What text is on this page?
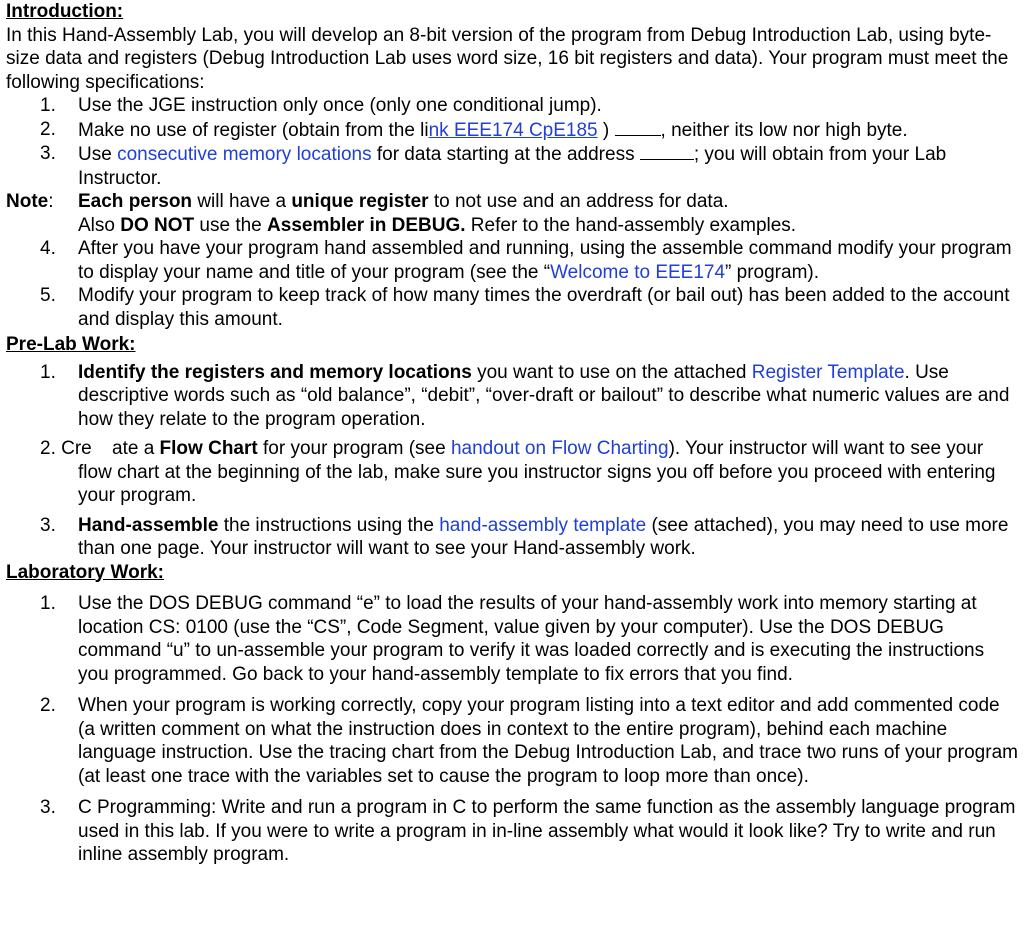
Introduction:
In this Hand-Assembly Lab, you will develop an 8-bit version of the program from Debug Introduction Lab, using byte-size data and registers (Debug Introduction Lab uses word size, 16 bit registers and data). Your program must meet the following specifications:
1. Use the JGE instruction only once (only one conditional jump).
2. Make no use of register (obtain from the link EEE174 CpE185 )	, neither its low nor high byte.
3. Use consecutive memory locations for data starting at the address	; you will obtain from your Lab Instructor.
Note: Each person will have a unique register to not use and an address for data.
Also DO NOT use the Assembler in DEBUG. Refer to the hand-assembly examples.
4. After you have your program hand assembled and running, using the assemble command modify your program to display your name and title of your program (see the “Welcome to EEE174” program).
5. Modify your program to keep track of how many times the overdraft (or bail out) has been added to the account and display this amount.
Pre-Lab Work:
1. Identify the registers and memory locations you want to use on the attached Register Template. Use descriptive words such as “old balance”, “debit”, “over-draft or bailout” to describe what numeric values are and how they relate to the program operation.
2. Cre ate a Flow Chart for your program (see handout on Flow Charting). Your instructor will want to see your flow chart at the beginning of the lab, make sure you instructor signs you off before you proceed with entering your program.
3. Hand-assemble the instructions using the hand-assembly template (see attached), you may need to use more than one page. Your instructor will want to see your Hand-assembly work.
Laboratory Work:
1. Use the DOS DEBUG command “e” to load the results of your hand-assembly work into memory starting at location CS: 0100 (use the “CS”, Code Segment, value given by your computer). Use the DOS DEBUG command “u” to un-assemble your program to verify it was loaded correctly and is executing the instructions you programmed. Go back to your hand-assembly template to fix errors that you find.
2. When your program is working correctly, copy your program listing into a text editor and add commented code (a written comment on what the instruction does in context to the entire program), behind each machine language instruction. Use the tracing chart from the Debug Introduction Lab, and trace two runs of your program (at least one trace with the variables set to cause the program to loop more than once).
3. C Programming: Write and run a program in C to perform the same function as the assembly language program used in this lab. If you were to write a program in in-line assembly what would it look like? Try to write and run inline assembly program.
